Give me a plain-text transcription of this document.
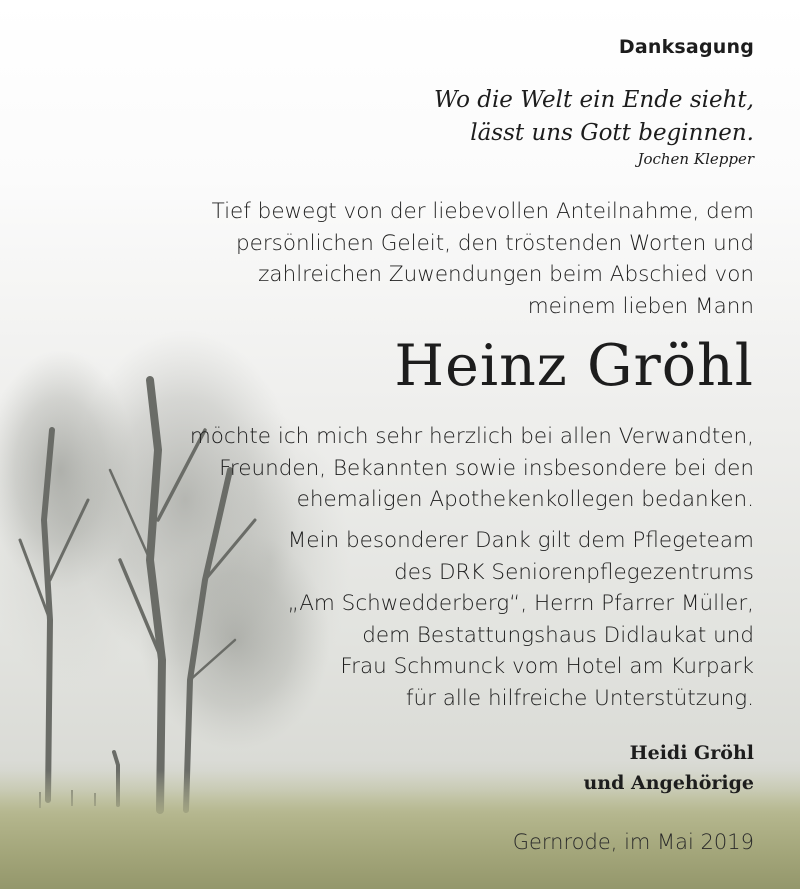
Danksagung
Wo die Welt ein Ende sieht,
lässt uns Gott beginnen.
Jochen Klepper
Tief bewegt von der liebevollen Anteilnahme, dem
persönlichen Geleit, den tröstenden Worten und
zahlreichen Zuwendungen beim Abschied von
meinem lieben Mann
Heinz Gröhl
möchte ich mich sehr herzlich bei allen Verwandten,
Freunden, Bekannten sowie insbesondere bei den
ehemaligen Apothekenkollegen bedanken.
Mein besonderer Dank gilt dem Pflegeteam
des DRK Seniorenpflegezentrums
„Am Schwedderberg“, Herrn Pfarrer Müller,
dem Bestattungshaus Didlaukat und
Frau Schmunck vom Hotel am Kurpark
für alle hilfreiche Unterstützung.
Heidi Gröhl
und Angehörige
Gernrode, im Mai 2019
